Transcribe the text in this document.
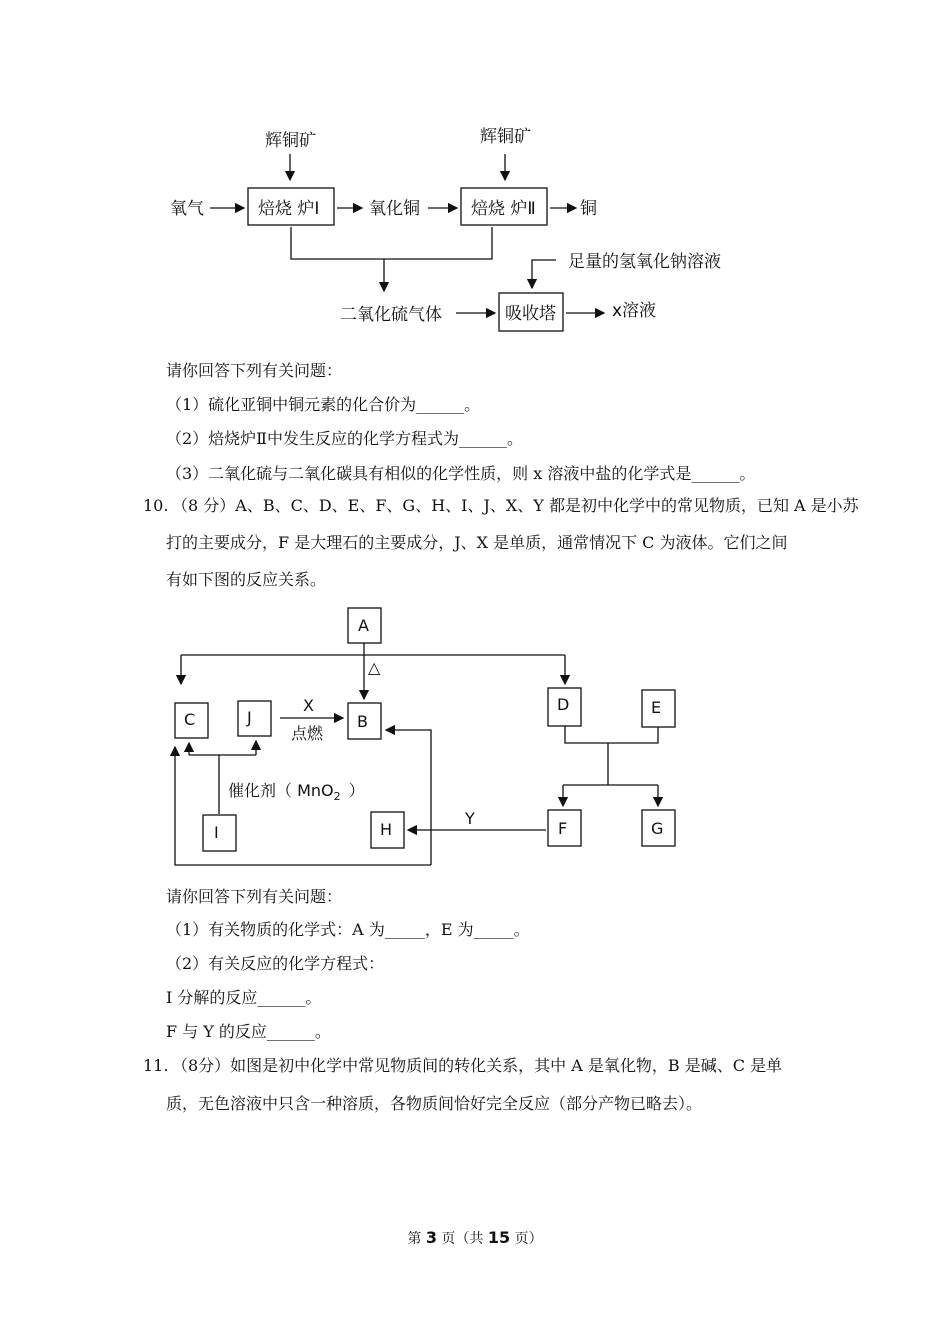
辉铜矿	辉铜矿
氧气	焙烧 炉Ⅰ	氧化铜	焙烧 炉Ⅱ	铜
足量的氢氧化钠溶液
二氧化硫气体	吸收塔	x溶液
请你回答下列有关问题：
（1）硫化亚铜中铜元素的化合价为______。
（2）焙烧炉Ⅱ中发生反应的化学方程式为______。
（3）二氧化硫与二氧化碳具有相似的化学性质，则 x 溶液中盐的化学式是______。
10. （8 分）A、B、C、D、E、F、G、H、I、J、X、Y 都是初中化学中的常见物质，已知 A 是小苏
打的主要成分，F 是大理石的主要成分，J、X 是单质，通常情况下 C 为液体。它们之间
有如下图的反应关系。
A
C	J	B
D	E
F	G
H
I
△
X
Y
点燃
催化剂（ MnO$_2$ ）
请你回答下列有关问题：
（1）有关物质的化学式：A 为_____，E 为_____。
（2）有关反应的化学方程式：
I 分解的反应______。
F 与 Y 的反应______。
11. （8分）如图是初中化学中常见物质间的转化关系，其中 A 是氧化物，B 是碱、C 是单
质，无色溶液中只含一种溶质，各物质间恰好完全反应（部分产物已略去）。
第 3 页（共 15 页）
